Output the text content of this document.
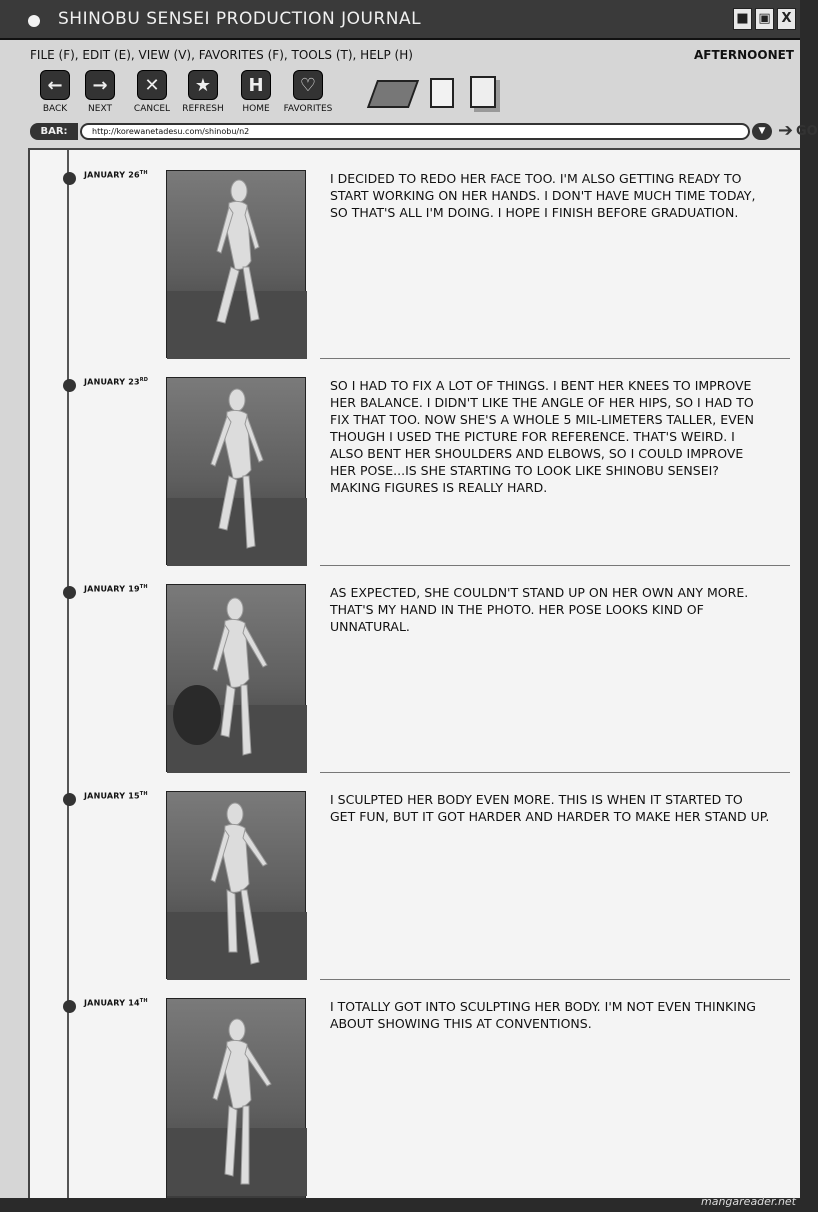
SHINOBU SENSEI PRODUCTION JOURNAL	■ ▣ X
FILE (F), EDIT (E), VIEW (V), FAVORITES (F), TOOLS (T), HELP (H)	AFTERNOONET
←
BACK
→
NEXT
✕
CANCEL
★
REFRESH
H
HOME
♡
FAVORITES
BAR:	http://korewanetadesu.com/shinobu/n2	▼ ➔ GO
JANUARY 26TH	I DECIDED TO REDO HER FACE TOO. I'M ALSO GETTING READY TO START WORKING ON HER HANDS. I DON'T HAVE MUCH TIME TODAY, SO THAT'S ALL I'M DOING. I HOPE I FINISH BEFORE GRADUATION.
JANUARY 23RD	SO I HAD TO FIX A LOT OF THINGS. I BENT HER KNEES TO IMPROVE HER BALANCE. I DIDN'T LIKE THE ANGLE OF HER HIPS, SO I HAD TO FIX THAT TOO. NOW SHE'S A WHOLE 5 MIL-LIMETERS TALLER, EVEN THOUGH I USED THE PICTURE FOR REFERENCE. THAT'S WEIRD. I ALSO BENT HER SHOULDERS AND ELBOWS, SO I COULD IMPROVE HER POSE...IS SHE STARTING TO LOOK LIKE SHINOBU SENSEI? MAKING FIGURES IS REALLY HARD.
JANUARY 19TH	AS EXPECTED, SHE COULDN'T STAND UP ON HER OWN ANY MORE. THAT'S MY HAND IN THE PHOTO. HER POSE LOOKS KIND OF UNNATURAL.
JANUARY 15TH	I SCULPTED HER BODY EVEN MORE. THIS IS WHEN IT STARTED TO GET FUN, BUT IT GOT HARDER AND HARDER TO MAKE HER STAND UP.
JANUARY 14TH	I TOTALLY GOT INTO SCULPTING HER BODY. I'M NOT EVEN THINKING ABOUT SHOWING THIS AT CONVENTIONS.
mangareader.net
